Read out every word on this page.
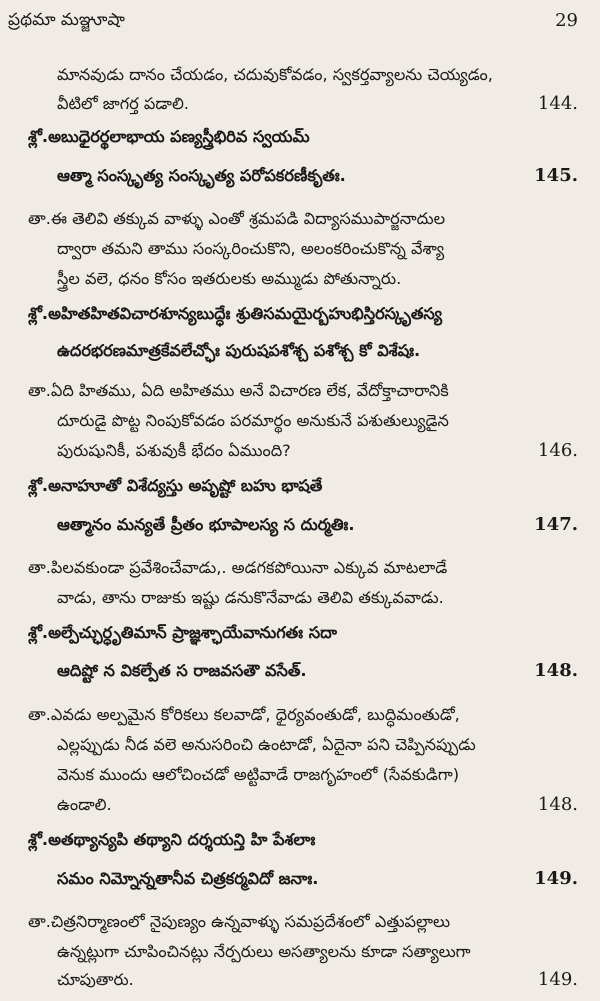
ప్రథమా మఞ్జూషా	29
మానవుడు దానం చేయడం, చదువుకోవడం, స్వకర్తవ్యాలను చెయ్యడం,
వీటిలో జాగర్త పడాలి.	144.
శ్లో.అబుధైరర్థలాభాయ పణ్యస్త్రీభిరివ స్వయమ్
ఆత్మా సంస్కృత్య సంస్కృత్య పరోపకరణీకృతః.	145.
తా.ఈ తెలివి తక్కువ వాళ్ళు ఎంతో శ్రమపడి విద్యాసముపార్జనాదుల
ద్వారా తమని తాము సంస్కరించుకొని, అలంకరించుకొన్న వేశ్యా
స్త్రీల వలె, ధనం కోసం ఇతరులకు అమ్ముడు పోతున్నారు.
శ్లో.అహితహితవిచారశూన్యబుద్ధేః శ్రుతిసమయైర్బహుభిస్తిరస్కృతస్య
ఉదరభరణమాత్రకేవలేచ్ఛోః పురుషపశోశ్చ పశోశ్చ కో విశేషః.
తా.ఏది హితము, ఏది అహితము అనే విచారణ లేక, వేదోక్తాచారానికి
దూరుడై పొట్ట నింపుకోవడం పరమార్థం అనుకునే పశుతుల్యుడైన
పురుషునికీ, పశువుకీ భేదం ఏముంది?	146.
శ్లో.అనాహూతో విశేద్యస్తు అపృష్టో బహు భాషతే
ఆత్మానం మన్యతే ప్రీతం భూపాలస్య స దుర్మతిః.	147.
తా.పిలవకుండా ప్రవేశించేవాడు,. అడగకపోయినా ఎక్కువ మాటలాడే
వాడు, తాను రాజుకు ఇష్టు డనుకొనేవాడు తెలివి తక్కువవాడు.
శ్లో.అల్పేచ్ఛుర్ధృతిమాన్ ప్రాజ్ఞశ్ఛాయేవానుగతః సదా
ఆదిష్టో న వికల్పేత స రాజవసతౌ వసేత్.	148.
తా.ఎవడు అల్పమైన కోరికలు కలవాడో, ధైర్యవంతుడో, బుద్ధిమంతుడో,
ఎల్లప్పుడు నీడ వలె అనుసరించి ఉంటాడో, ఏదైనా పని చెప్పినప్పుడు
వెనుక ముందు ఆలోచించడో అట్టివాడే రాజగృహంలో (సేవకుడిగా)
ఉండాలి.	148.
శ్లో.అతథ్యాన్యపి తథ్యాని దర్శయన్తి హి పేశలాః
సమం నిమ్నోన్నతానీవ చిత్రకర్మవిదో జనాః.	149.
తా.చిత్రనిర్మాణంలో నైపుణ్యం ఉన్నవాళ్ళు సమప్రదేశంలో ఎత్తుపల్లాలు
ఉన్నట్లుగా చూపించినట్లు నేర్పరులు అసత్యాలను కూడా సత్యాలుగా
చూపుతారు.	149.
